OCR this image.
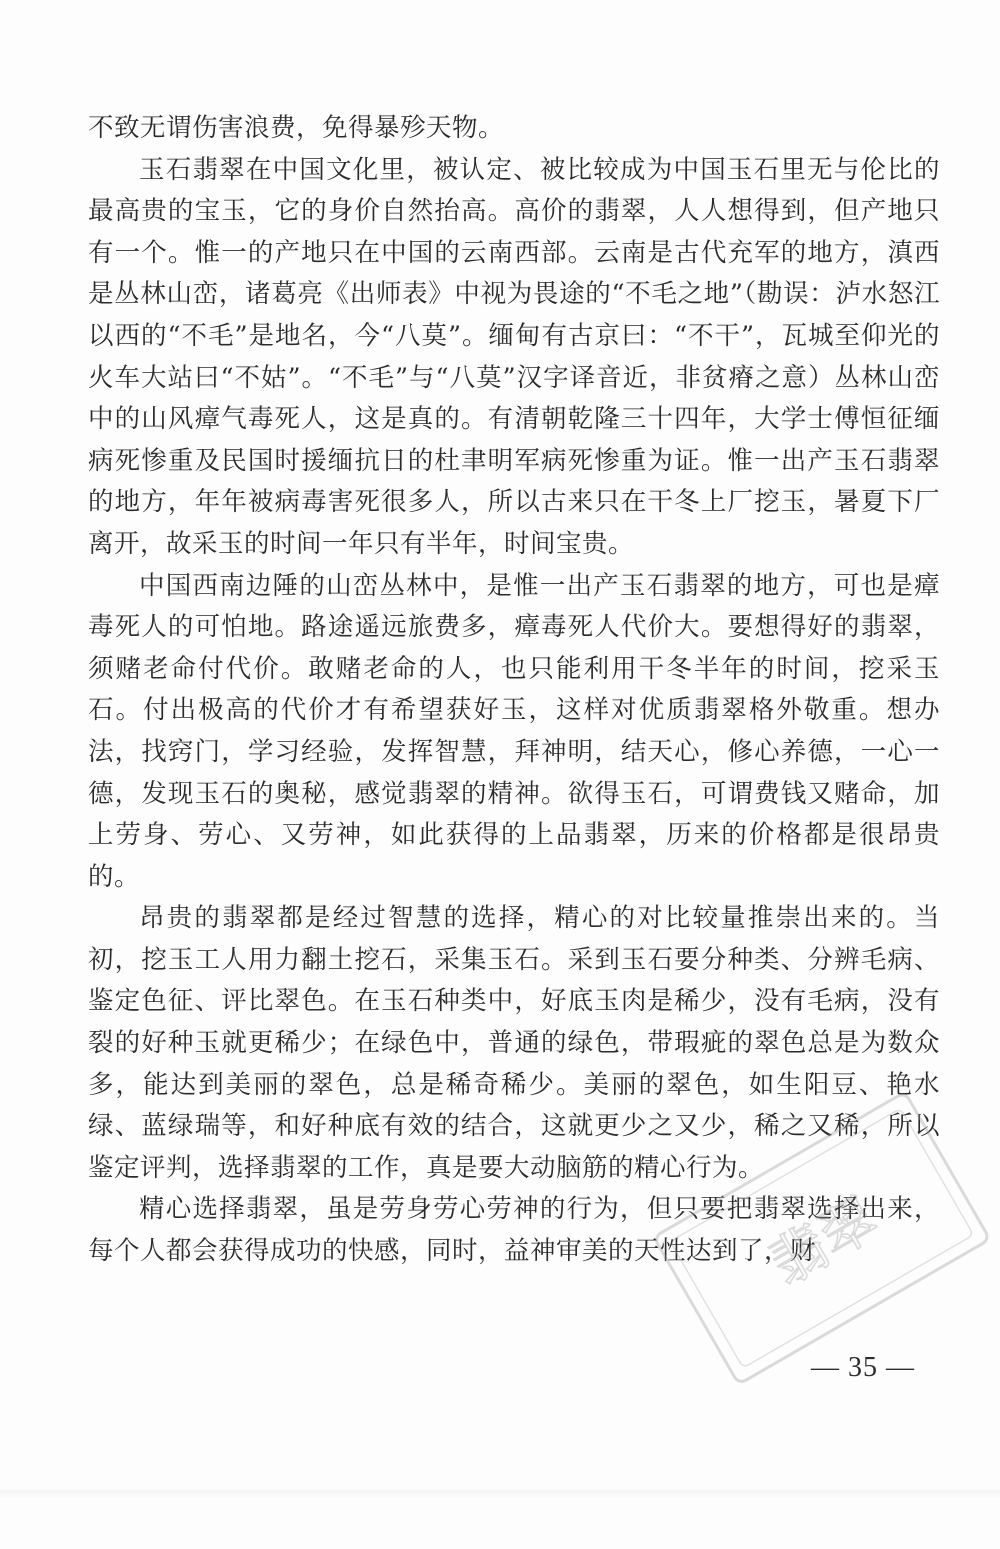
不致无谓伤害浪费，免得暴殄天物。

玉石翡翠在中国文化里，被认定、被比较成为中国玉石里无与伦比的最高贵的宝玉，它的身价自然抬高。高价的翡翠，人人想得到，但产地只有一个。惟一的产地只在中国的云南西部。云南是古代充军的地方，滇西是丛林山峦，诸葛亮《出师表》中视为畏途的“不毛之地”（勘误：泸水怒江以西的“不毛”是地名，今“八莫”。缅甸有古京曰：“不干”，瓦城至仰光的火车大站曰“不姑”。“不毛”与“八莫”汉字译音近，非贫瘠之意）丛林山峦中的山风瘴气毒死人，这是真的。有清朝乾隆三十四年，大学士傅恒征缅病死惨重及民国时援缅抗日的杜聿明军病死惨重为证。惟一出产玉石翡翠的地方，年年被病毒害死很多人，所以古来只在干冬上厂挖玉，暑夏下厂离开，故采玉的时间一年只有半年，时间宝贵。

中国西南边陲的山峦丛林中，是惟一出产玉石翡翠的地方，可也是瘴毒死人的可怕地。路途遥远旅费多，瘴毒死人代价大。要想得好的翡翠，须赌老命付代价。敢赌老命的人，也只能利用干冬半年的时间，挖采玉石。付出极高的代价才有希望获好玉，这样对优质翡翠格外敬重。想办法，找窍门，学习经验，发挥智慧，拜神明，结天心，修心养德，一心一德，发现玉石的奥秘，感觉翡翠的精神。欲得玉石，可谓费钱又赌命，加上劳身、劳心、又劳神，如此获得的上品翡翠，历来的价格都是很昂贵的。

昂贵的翡翠都是经过智慧的选择，精心的对比较量推崇出来的。当初，挖玉工人用力翻土挖石，采集玉石。采到玉石要分种类、分辨毛病、鉴定色征、评比翠色。在玉石种类中，好底玉肉是稀少，没有毛病，没有裂的好种玉就更稀少；在绿色中，普通的绿色，带瑕疵的翠色总是为数众多，能达到美丽的翠色，总是稀奇稀少。美丽的翠色，如生阳豆、艳水绿、蓝绿瑞等，和好种底有效的结合，这就更少之又少，稀之又稀，所以鉴定评判，选择翡翠的工作，真是要大动脑筋的精心行为。

精心选择翡翠，虽是劳身劳心劳神的行为，但只要把翡翠选择出来，每个人都会获得成功的快感，同时，益神审美的天性达到了，财

翡翠
— 35 —
